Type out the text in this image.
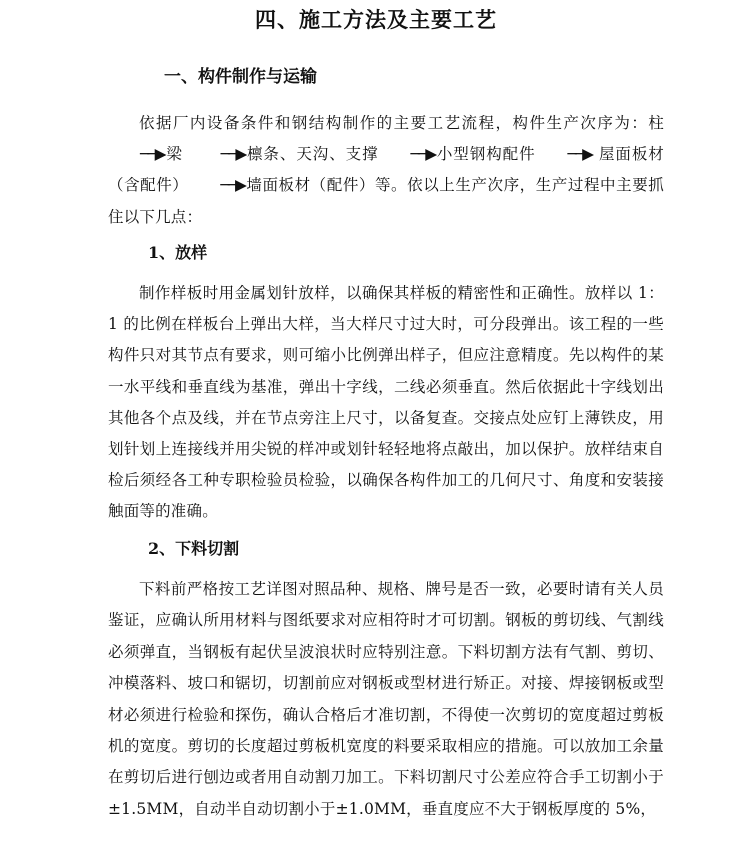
四、施工方法及主要工艺
一、构件制作与运输

依据厂内设备条件和钢结构制作的主要工艺流程，构件生产次序为：柱──▶梁 ──▶檩条、天沟、支撑 ──▶小型钢构配件 ──▶ 屋面板材（含配件） ──▶墙面板材（配件）等。依以上生产次序，生产过程中主要抓住以下几点：

1、放样

制作样板时用金属划针放样，以确保其样板的精密性和正确性。放样以 1：1 的比例在样板台上弹出大样，当大样尺寸过大时，可分段弹出。该工程的一些构件只对其节点有要求，则可缩小比例弹出样子，但应注意精度。先以构件的某一水平线和垂直线为基准，弹出十字线，二线必须垂直。然后依据此十字线划出其他各个点及线，并在节点旁注上尺寸，以备复查。交接点处应钉上薄铁皮，用划针划上连接线并用尖锐的样冲或划针轻轻地将点敲出，加以保护。放样结束自检后须经各工种专职检验员检验，以确保各构件加工的几何尺寸、角度和安装接触面等的准确。

2、下料切割

下料前严格按工艺详图对照品种、规格、牌号是否一致，必要时请有关人员鉴证，应确认所用材料与图纸要求对应相符时才可切割。钢板的剪切线、气割线必须弹直，当钢板有起伏呈波浪状时应特别注意。下料切割方法有气割、剪切、冲模落料、坡口和锯切，切割前应对钢板或型材进行矫正。对接、焊接钢板或型材必须进行检验和探伤，确认合格后才准切割，不得使一次剪切的宽度超过剪板机的宽度。剪切的长度超过剪板机宽度的料要采取相应的措施。可以放加工余量在剪切后进行刨边或者用自动割刀加工。下料切割尺寸公差应符合手工切割小于±1.5MM，自动半自动切割小于±1.0MM，垂直度应不大于钢板厚度的 5%，
